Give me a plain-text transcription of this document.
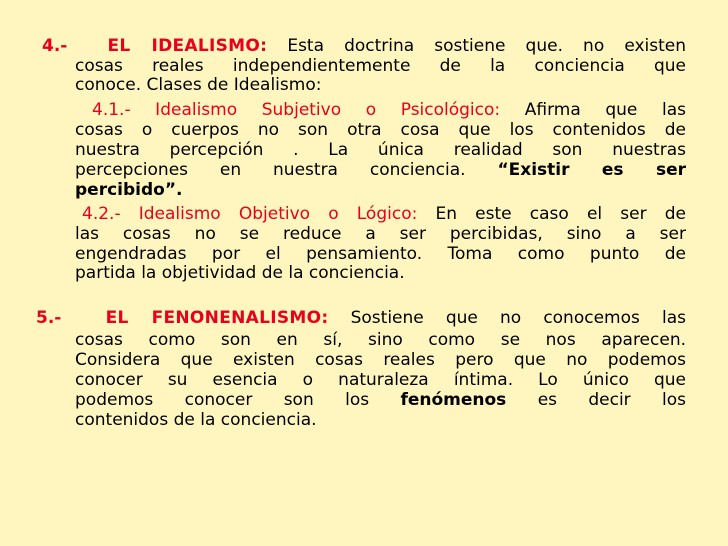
4.- EL IDEALISMO: Esta doctrina sostiene que. no existen
cosas reales independientemente de la conciencia que
conoce. Clases de Idealismo:
4.1.- Idealismo Subjetivo o Psicológico: Afirma que las
cosas o cuerpos no son otra cosa que los contenidos de
nuestra percepción . La única realidad son nuestras
percepciones en nuestra conciencia. “Existir es ser
percibido”.
4.2.- Idealismo Objetivo o Lógico: En este caso el ser de
las cosas no se reduce a ser percibidas, sino a ser
engendradas por el pensamiento. Toma como punto de
partida la objetividad de la conciencia.
5.-	EL FENONENALISMO: Sostiene que no conocemos las
cosas como son en sí, sino como se nos aparecen.
Considera que existen cosas reales pero que no podemos
conocer su esencia o naturaleza íntima. Lo único que
podemos conocer son los fenómenos es decir los
contenidos de la conciencia.
